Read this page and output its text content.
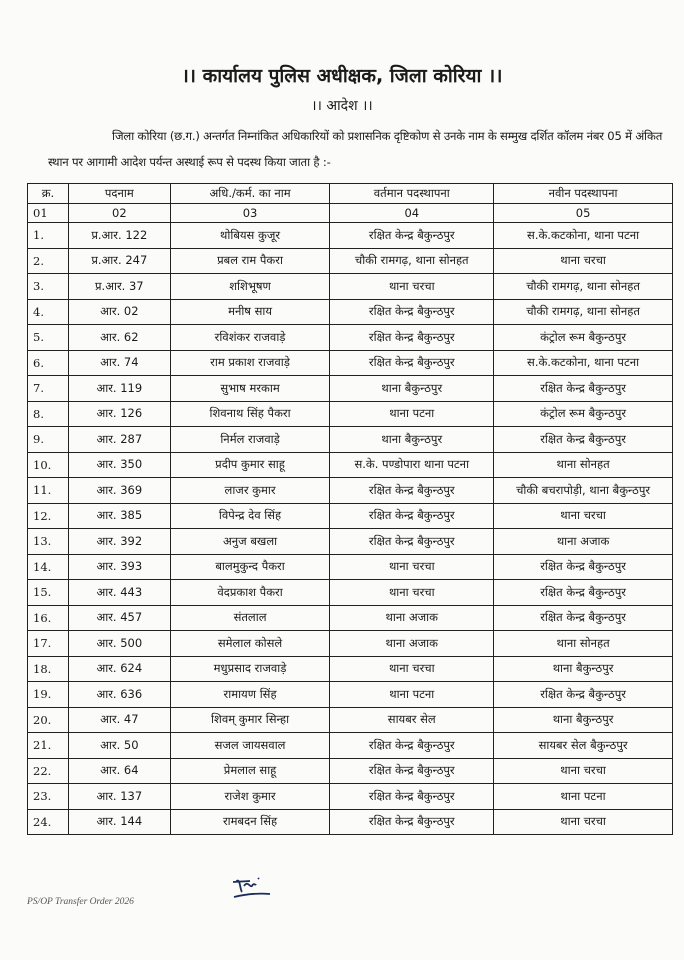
।। कार्यालय पुलिस अधीक्षक, जिला कोरिया ।।
।। आदेश ।।
जिला कोरिया (छ.ग.) अन्तर्गत निम्नांकित अधिकारियों को प्रशासनिक दृष्टिकोण से उनके नाम के सम्मुख दर्शित कॉलम नंबर 05 में अंकित स्थान पर आगामी आदेश पर्यन्त अस्थाई रूप से पदस्थ किया जाता है :-
क्र.	पदनाम	अधि./कर्म. का नाम	वर्तमान पदस्थापना	नवीन पदस्थापना
01	02	03	04	05
1.	प्र.आर. 122	थोबियस कुजूर	रक्षित केन्द्र बैकुन्ठपुर	स.के.कटकोना, थाना पटना
2.	प्र.आर. 247	प्रबल राम पैकरा	चौकी रामगढ़, थाना सोनहत	थाना चरचा
3.	प्र.आर. 37	शशिभूषण	थाना चरचा	चौकी रामगढ़, थाना सोनहत
4.	आर. 02	मनीष साय	रक्षित केन्द्र बैकुन्ठपुर	चौकी रामगढ़, थाना सोनहत
5.	आर. 62	रविशंकर राजवाड़े	रक्षित केन्द्र बैकुन्ठपुर	कंट्रोल रूम बैकुन्ठपुर
6.	आर. 74	राम प्रकाश राजवाड़े	रक्षित केन्द्र बैकुन्ठपुर	स.के.कटकोना, थाना पटना
7.	आर. 119	सुभाष मरकाम	थाना बैकुन्ठपुर	रक्षित केन्द्र बैकुन्ठपुर
8.	आर. 126	शिवनाथ सिंह पैकरा	थाना पटना	कंट्रोल रूम बैकुन्ठपुर
9.	आर. 287	निर्मल राजवाड़े	थाना बैकुन्ठपुर	रक्षित केन्द्र बैकुन्ठपुर
10.	आर. 350	प्रदीप कुमार साहू	स.के. पण्डोपारा थाना पटना	थाना सोनहत
11.	आर. 369	लाजर कुमार	रक्षित केन्द्र बैकुन्ठपुर	चौकी बचरापोड़ी, थाना बैकुन्ठपुर
12.	आर. 385	विपेन्द्र देव सिंह	रक्षित केन्द्र बैकुन्ठपुर	थाना चरचा
13.	आर. 392	अनुज बखला	रक्षित केन्द्र बैकुन्ठपुर	थाना अजाक
14.	आर. 393	बालमुकुन्द पैकरा	थाना चरचा	रक्षित केन्द्र बैकुन्ठपुर
15.	आर. 443	वेदप्रकाश पैकरा	थाना चरचा	रक्षित केन्द्र बैकुन्ठपुर
16.	आर. 457	संतलाल	थाना अजाक	रक्षित केन्द्र बैकुन्ठपुर
17.	आर. 500	समेलाल कोसले	थाना अजाक	थाना सोनहत
18.	आर. 624	मधुप्रसाद राजवाड़े	थाना चरचा	थाना बैकुन्ठपुर
19.	आर. 636	रामायण सिंह	थाना पटना	रक्षित केन्द्र बैकुन्ठपुर
20.	आर. 47	शिवम् कुमार सिन्हा	सायबर सेल	थाना बैकुन्ठपुर
21.	आर. 50	सजल जायसवाल	रक्षित केन्द्र बैकुन्ठपुर	सायबर सेल बैकुन्ठपुर
22.	आर. 64	प्रेमलाल साहू	रक्षित केन्द्र बैकुन्ठपुर	थाना चरचा
23.	आर. 137	राजेश कुमार	रक्षित केन्द्र बैकुन्ठपुर	थाना पटना
24.	आर. 144	रामबदन सिंह	रक्षित केन्द्र बैकुन्ठपुर	थाना चरचा
PS/OP Transfer Order 2026
